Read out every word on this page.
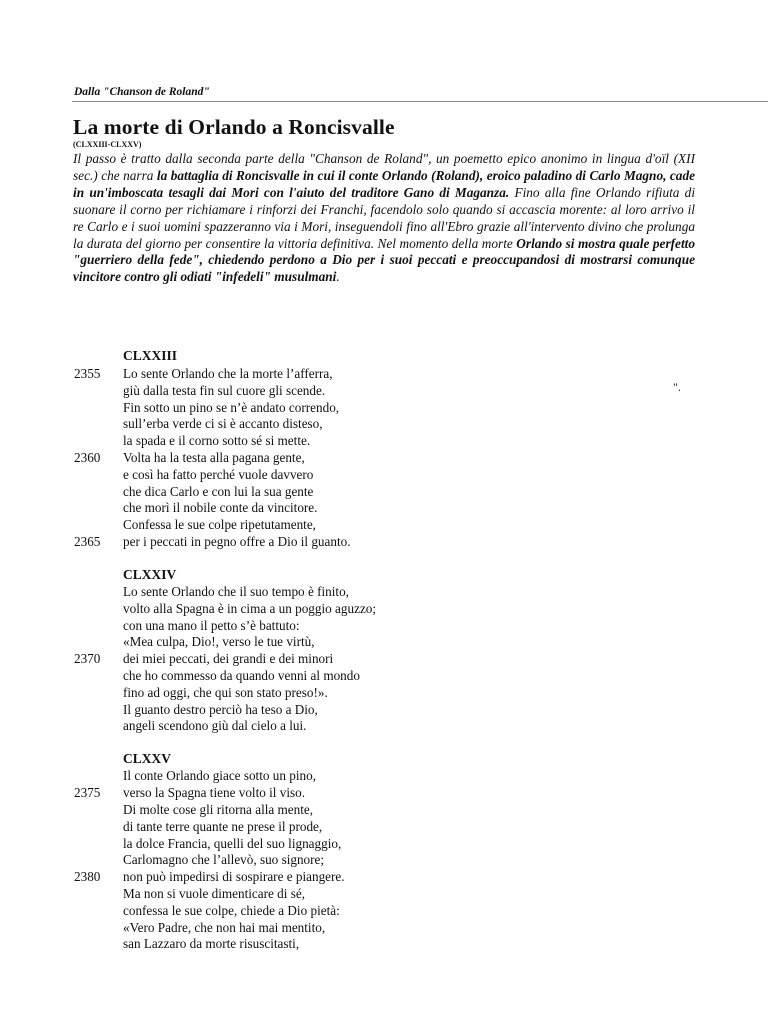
Dalla "Chanson de Roland"
La morte di Orlando a Roncisvalle
(CLXXIII-CLXXV)

Il passo è tratto dalla seconda parte della "Chanson de Roland", un poemetto epico anonimo in lingua d'oïl (XII sec.) che narra la battaglia di Roncisvalle in cui il conte Orlando (Roland), eroico paladino di Carlo Magno, cade in un'imboscata tesagli dai Mori con l'aiuto del traditore Gano di Maganza. Fino alla fine Orlando rifiuta di suonare il corno per richiamare i rinforzi dei Franchi, facendolo solo quando si accascia morente: al loro arrivo il re Carlo e i suoi uomini spazzeranno via i Mori, inseguendoli fino all'Ebro grazie all'intervento divino che prolunga la durata del giorno per consentire la vittoria definitiva. Nel momento della morte Orlando si mostra quale perfetto "guerriero della fede", chiedendo perdono a Dio per i suoi peccati e preoccupandosi di mostrarsi comunque vincitore contro gli odiati "infedeli" musulmani.

".
CLXXIII
Lo sente Orlando che la morte l’afferra,
giù dalla testa fin sul cuore gli scende.
Fin sotto un pino se n’è andato correndo,
sull’erba verde ci si è accanto disteso,
la spada e il corno sotto sé si mette.
Volta ha la testa alla pagana gente,
e così ha fatto perché vuole davvero
che dica Carlo e con lui la sua gente
che morì il nobile conte da vincitore.
Confessa le sue colpe ripetutamente,
per i peccati in pegno offre a Dio il guanto.
CLXXIV
Lo sente Orlando che il suo tempo è finito,
volto alla Spagna è in cima a un poggio aguzzo;
con una mano il petto s’è battuto:
«Mea culpa, Dio!, verso le tue virtù,
dei miei peccati, dei grandi e dei minori
che ho commesso da quando venni al mondo
fino ad oggi, che qui son stato preso!».
Il guanto destro perciò ha teso a Dio,
angeli scendono giù dal cielo a lui.
CLXXV
Il conte Orlando giace sotto un pino,
verso la Spagna tiene volto il viso.
Di molte cose gli ritorna alla mente,
di tante terre quante ne prese il prode,
la dolce Francia, quelli del suo lignaggio,
Carlomagno che l’allevò, suo signore;
non può impedirsi di sospirare e piangere.
Ma non si vuole dimenticare di sé,
confessa le sue colpe, chiede a Dio pietà:
«Vero Padre, che non hai mai mentito,
san Lazzaro da morte risuscitasti,
2355
2360
2365
2370
2375
2380
